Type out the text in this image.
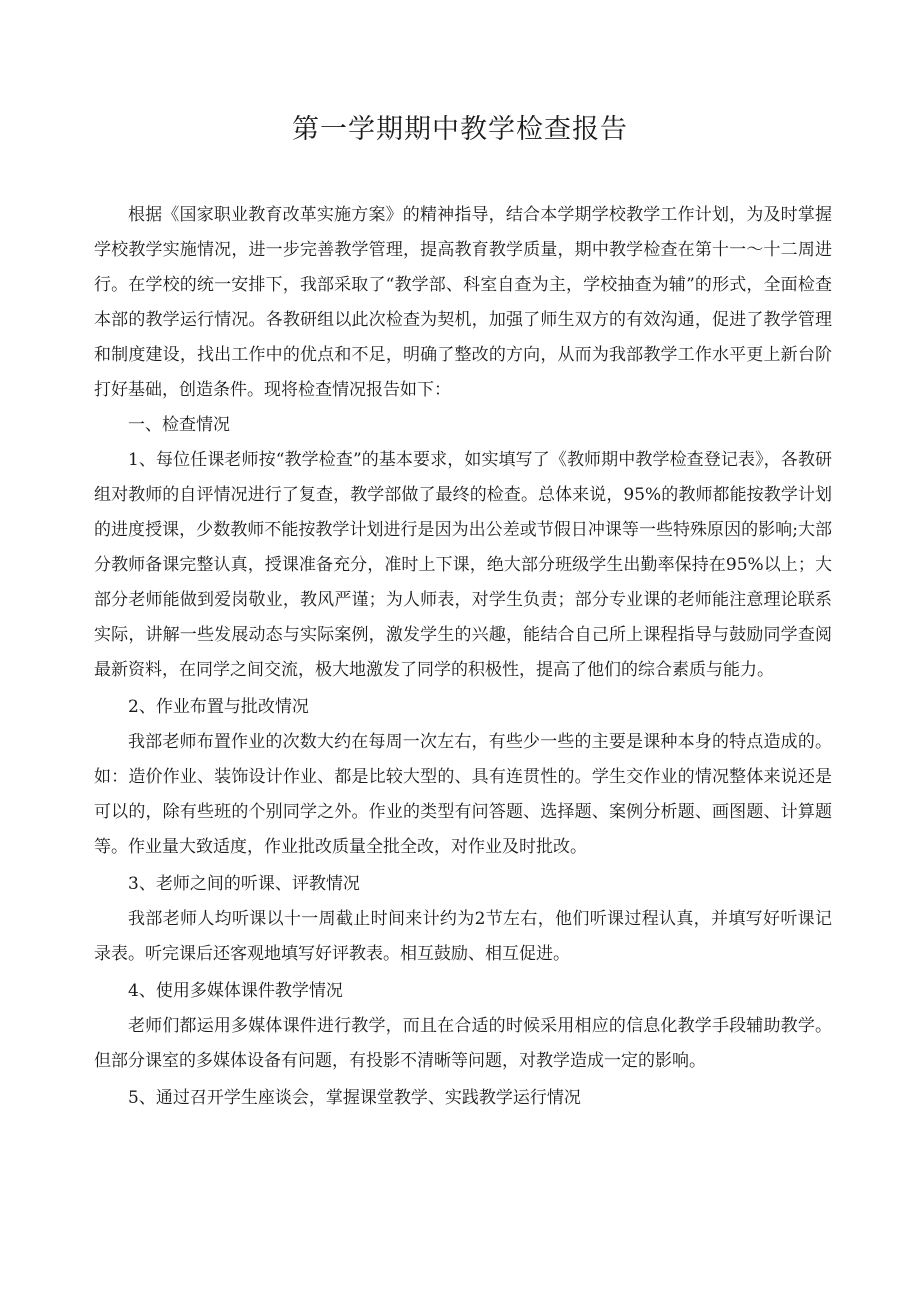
第一学期期中教学检查报告

根据《国家职业教育改革实施方案》的精神指导，结合本学期学校教学工作计划，为及时掌握学校教学实施情况，进一步完善教学管理，提高教育教学质量，期中教学检查在第十一～十二周进行。在学校的统一安排下，我部采取了“教学部、科室自查为主，学校抽查为辅”的形式，全面检查本部的教学运行情况。各教研组以此次检查为契机，加强了师生双方的有效沟通，促进了教学管理和制度建设，找出工作中的优点和不足，明确了整改的方向，从而为我部教学工作水平更上新台阶打好基础，创造条件。现将检查情况报告如下：

一、检查情况

1、每位任课老师按“教学检查”的基本要求，如实填写了《教师期中教学检查登记表》，各教研组对教师的自评情况进行了复查，教学部做了最终的检查。总体来说，95%的教师都能按教学计划的进度授课，少数教师不能按教学计划进行是因为出公差或节假日冲课等一些特殊原因的影响;大部分教师备课完整认真，授课准备充分，准时上下课，绝大部分班级学生出勤率保持在95%以上；大部分老师能做到爱岗敬业，教风严谨；为人师表，对学生负责；部分专业课的老师能注意理论联系实际，讲解一些发展动态与实际案例，激发学生的兴趣，能结合自己所上课程指导与鼓励同学查阅最新资料，在同学之间交流，极大地激发了同学的积极性，提高了他们的综合素质与能力。

2、作业布置与批改情况

我部老师布置作业的次数大约在每周一次左右，有些少一些的主要是课种本身的特点造成的。如：造价作业、装饰设计作业、都是比较大型的、具有连贯性的。学生交作业的情况整体来说还是可以的，除有些班的个别同学之外。作业的类型有问答题、选择题、案例分析题、画图题、计算题等。作业量大致适度，作业批改质量全批全改，对作业及时批改。

3、老师之间的听课、评教情况

我部老师人均听课以十一周截止时间来计约为2节左右，他们听课过程认真，并填写好听课记录表。听完课后还客观地填写好评教表。相互鼓励、相互促进。

4、使用多媒体课件教学情况

老师们都运用多媒体课件进行教学，而且在合适的时候采用相应的信息化教学手段辅助教学。但部分课室的多媒体设备有问题，有投影不清晰等问题，对教学造成一定的影响。

5、通过召开学生座谈会，掌握课堂教学、实践教学运行情况
